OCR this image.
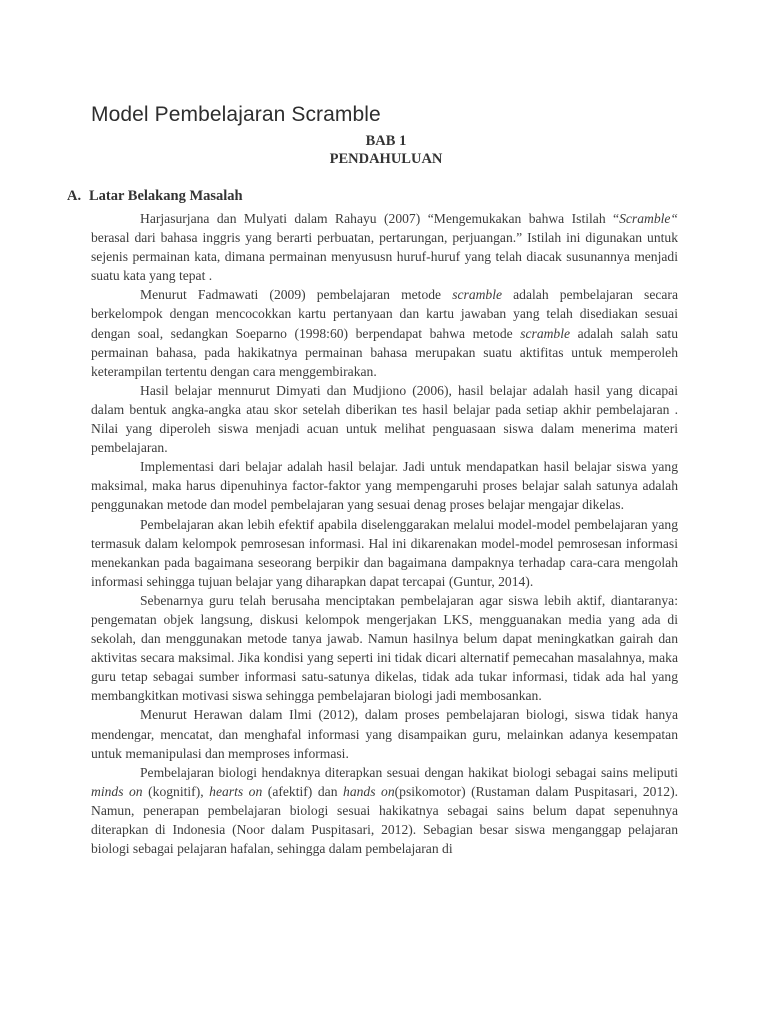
Model Pembelajaran Scramble
BAB 1
PENDAHULUAN
A. Latar Belakang Masalah

Harjasurjana dan Mulyati dalam Rahayu (2007) “Mengemukakan bahwa Istilah “Scramble“ berasal dari bahasa inggris yang berarti perbuatan, pertarungan, perjuangan.” Istilah ini digunakan untuk sejenis permainan kata, dimana permainan menyususn huruf-huruf yang telah diacak susunannya menjadi suatu kata yang tepat .

Menurut Fadmawati (2009) pembelajaran metode scramble adalah pembelajaran secara berkelompok dengan mencocokkan kartu pertanyaan dan kartu jawaban yang telah disediakan sesuai dengan soal, sedangkan Soeparno (1998:60) berpendapat bahwa metode scramble adalah salah satu permainan bahasa, pada hakikatnya permainan bahasa merupakan suatu aktifitas untuk memperoleh keterampilan tertentu dengan cara menggembirakan.

Hasil belajar mennurut Dimyati dan Mudjiono (2006), hasil belajar adalah hasil yang dicapai dalam bentuk angka-angka atau skor setelah diberikan tes hasil belajar pada setiap akhir pembelajaran . Nilai yang diperoleh siswa menjadi acuan untuk melihat penguasaan siswa dalam menerima materi pembelajaran.

Implementasi dari belajar adalah hasil belajar. Jadi untuk mendapatkan hasil belajar siswa yang maksimal, maka harus dipenuhinya factor-faktor yang mempengaruhi proses belajar salah satunya adalah penggunakan metode dan model pembelajaran yang sesuai denag proses belajar mengajar dikelas.

Pembelajaran akan lebih efektif apabila diselenggarakan melalui model-model pembelajaran yang termasuk dalam kelompok pemrosesan informasi. Hal ini dikarenakan model-model pemrosesan informasi menekankan pada bagaimana seseorang berpikir dan bagaimana dampaknya terhadap cara-cara mengolah informasi sehingga tujuan belajar yang diharapkan dapat tercapai (Guntur, 2014).

Sebenarnya guru telah berusaha menciptakan pembelajaran agar siswa lebih aktif, diantaranya: pengematan objek langsung, diskusi kelompok mengerjakan LKS, mengguanakan media yang ada di sekolah, dan menggunakan metode tanya jawab. Namun hasilnya belum dapat meningkatkan gairah dan aktivitas secara maksimal. Jika kondisi yang seperti ini tidak dicari alternatif pemecahan masalahnya, maka guru tetap sebagai sumber informasi satu-satunya dikelas, tidak ada tukar informasi, tidak ada hal yang membangkitkan motivasi siswa sehingga pembelajaran biologi jadi membosankan.

Menurut Herawan dalam Ilmi (2012), dalam proses pembelajaran biologi, siswa tidak hanya mendengar, mencatat, dan menghafal informasi yang disampaikan guru, melainkan adanya kesempatan untuk memanipulasi dan memproses informasi.

Pembelajaran biologi hendaknya diterapkan sesuai dengan hakikat biologi sebagai sains meliputi minds on (kognitif), hearts on (afektif) dan hands on(psikomotor) (Rustaman dalam Puspitasari, 2012). Namun, penerapan pembelajaran biologi sesuai hakikatnya sebagai sains belum dapat sepenuhnya diterapkan di Indonesia (Noor dalam Puspitasari, 2012). Sebagian besar siswa menganggap pelajaran biologi sebagai pelajaran hafalan, sehingga dalam pembelajaran di
